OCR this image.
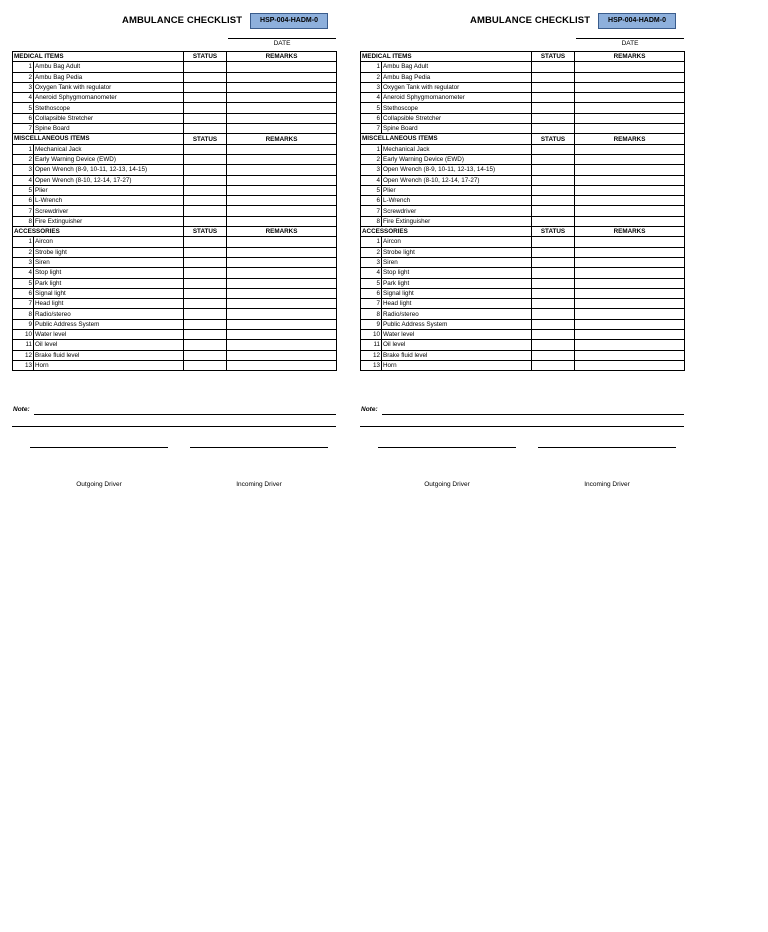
AMBULANCE CHECKLIST	HSP-004-HADM-0
DATE
MEDICAL ITEMS		STATUS	REMARKS
1	Ambu Bag Adult		
2	Ambu Bag Pedia		
3	Oxygen Tank with regulator		
4	Aneroid Sphygmomanometer		
5	Stethoscope		
6	Collapsible Stretcher		
7	Spine Board		

MISCELLANEOUS ITEMS		STATUS	REMARKS
1	Mechanical Jack		
2	Early Warning Device (EWD)		
3	Open Wrench (8-9, 10-11, 12-13, 14-15)		
4	Open Wrench (8-10, 12-14, 17-27)		
5	Plier		
6	L-Wrench		
7	Screwdriver		
8	Fire Extinguisher		

ACCESSORIES		STATUS	REMARKS
1	Aircon		
2	Strobe light		
3	Siren		
4	Stop light		
5	Park light		
6	Signal light		
7	Head light		
8	Radio/stereo		
9	Public Address System		
10	Water level		
11	Oil level		
12	Brake fluid level		
13	Horn		
Note:
Outgoing Driver	Incoming Driver
AMBULANCE CHECKLIST	HSP-004-HADM-0
DATE
MEDICAL ITEMS		STATUS	REMARKS
1	Ambu Bag Adult		
2	Ambu Bag Pedia		
3	Oxygen Tank with regulator		
4	Aneroid Sphygmomanometer		
5	Stethoscope		
6	Collapsible Stretcher		
7	Spine Board		

MISCELLANEOUS ITEMS		STATUS	REMARKS
1	Mechanical Jack		
2	Early Warning Device (EWD)		
3	Open Wrench (8-9, 10-11, 12-13, 14-15)		
4	Open Wrench (8-10, 12-14, 17-27)		
5	Plier		
6	L-Wrench		
7	Screwdriver		
8	Fire Extinguisher		

ACCESSORIES		STATUS	REMARKS
1	Aircon		
2	Strobe light		
3	Siren		
4	Stop light		
5	Park light		
6	Signal light		
7	Head light		
8	Radio/stereo		
9	Public Address System		
10	Water level		
11	Oil level		
12	Brake fluid level		
13	Horn		
Note:
Outgoing Driver	Incoming Driver
